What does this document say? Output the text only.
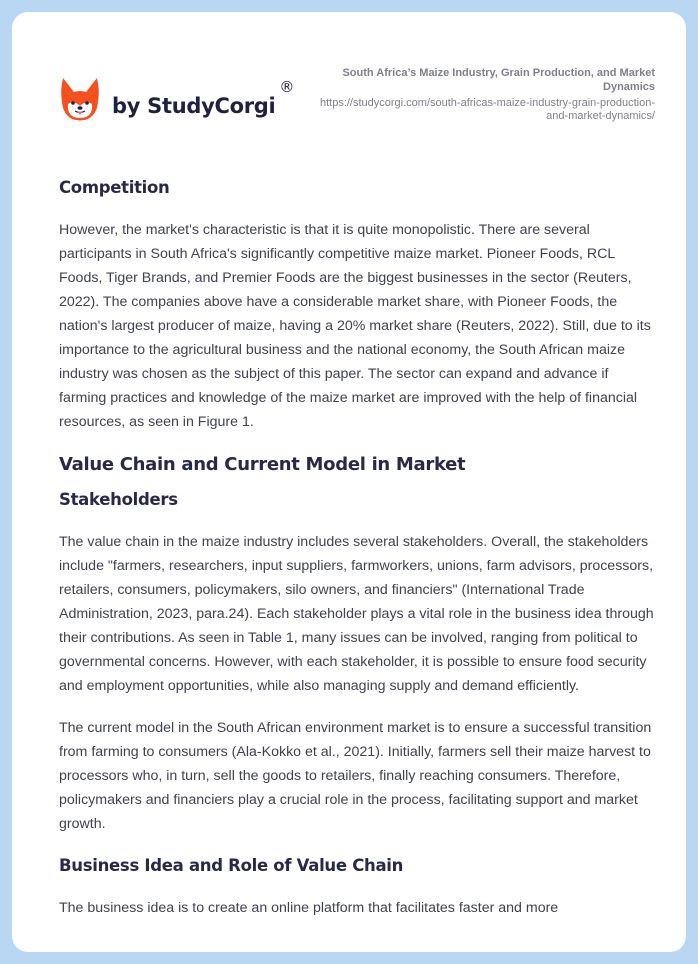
by StudyCorgi
®
South Africa’s Maize Industry, Grain Production, and Market Dynamics
https://studycorgi.com/south-africas-maize-industry-grain-production-and-market-dynamics/
Competition

However, the market's characteristic is that it is quite monopolistic. There are several participants in South Africa's significantly competitive maize market. Pioneer Foods, RCL Foods, Tiger Brands, and Premier Foods are the biggest businesses in the sector (Reuters, 2022). The companies above have a considerable market share, with Pioneer Foods, the nation's largest producer of maize, having a 20% market share (Reuters, 2022). Still, due to its importance to the agricultural business and the national economy, the South African maize industry was chosen as the subject of this paper. The sector can expand and advance if farming practices and knowledge of the maize market are improved with the help of financial resources, as seen in Figure 1.

Value Chain and Current Model in Market
Stakeholders

The value chain in the maize industry includes several stakeholders. Overall, the stakeholders include "farmers, researchers, input suppliers, farmworkers, unions, farm advisors, processors, retailers, consumers, policymakers, silo owners, and financiers" (International Trade Administration, 2023, para.24). Each stakeholder plays a vital role in the business idea through their contributions. As seen in Table 1, many issues can be involved, ranging from political to governmental concerns. However, with each stakeholder, it is possible to ensure food security and employment opportunities, while also managing supply and demand efficiently.

The current model in the South African environment market is to ensure a successful transition from farming to consumers (Ala-Kokko et al., 2021). Initially, farmers sell their maize harvest to processors who, in turn, sell the goods to retailers, finally reaching consumers. Therefore, policymakers and financiers play a crucial role in the process, facilitating support and market growth.

Business Idea and Role of Value Chain

The business idea is to create an online platform that facilitates faster and more
